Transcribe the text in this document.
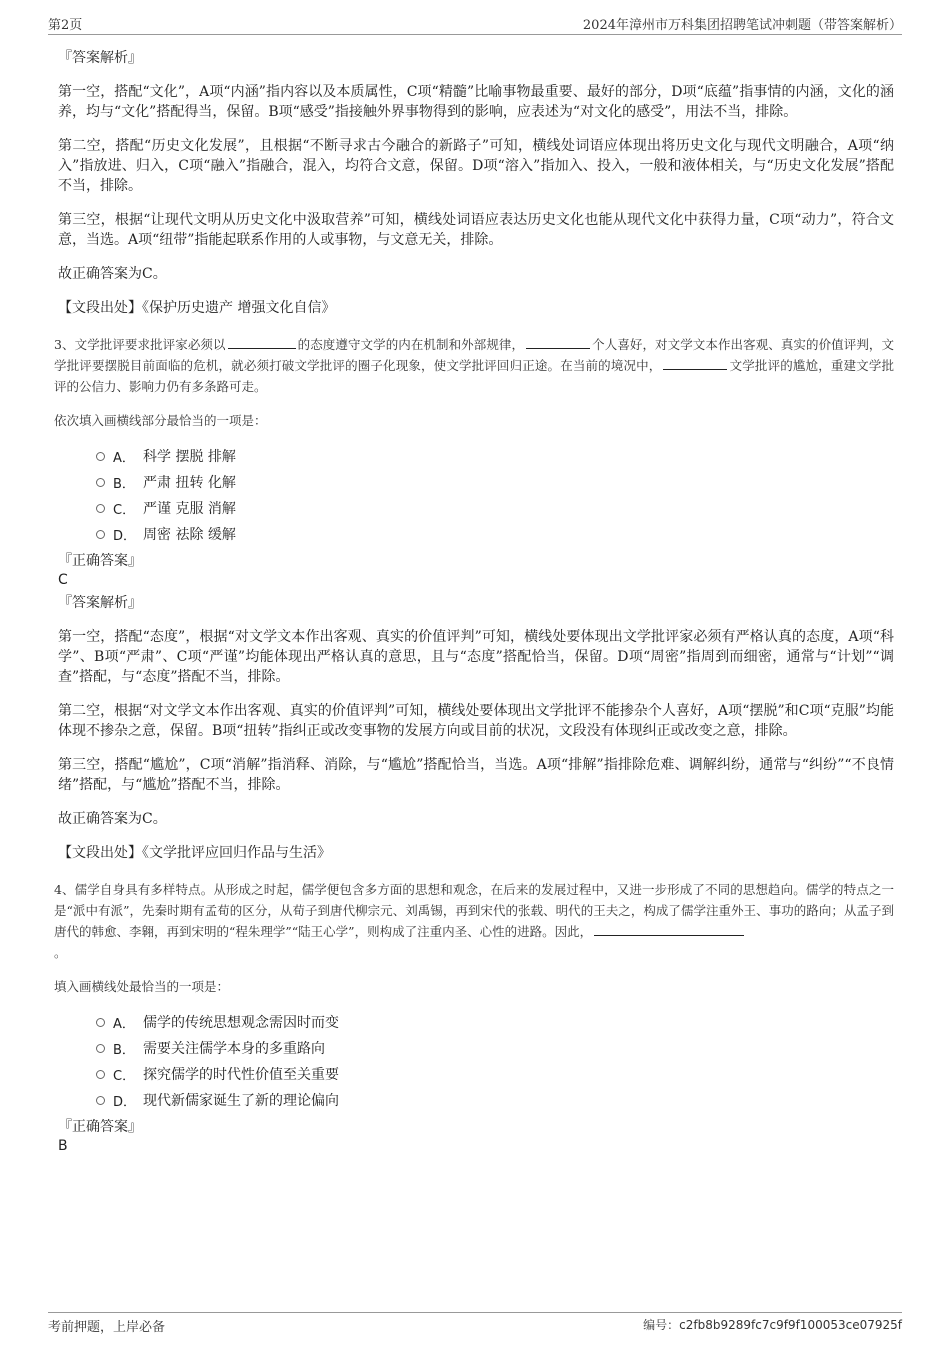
第2页	2024年漳州市万科集团招聘笔试冲刺题（带答案解析）
『答案解析』

第一空，搭配“文化”，A项“内涵”指内容以及本质属性，C项“精髓”比喻事物最重要、最好的部分，D项“底蕴”指事情的内涵，文化的涵养，均与“文化”搭配得当，保留。B项“感受”指接触外界事物得到的影响，应表述为“对文化的感受”，用法不当，排除。

第二空，搭配“历史文化发展”，且根据“不断寻求古今融合的新路子”可知，横线处词语应体现出将历史文化与现代文明融合，A项“纳入”指放进、归入，C项“融入”指融合，混入，均符合文意，保留。D项“溶入”指加入、投入，一般和液体相关，与“历史文化发展”搭配不当，排除。

第三空，根据“让现代文明从历史文化中汲取营养”可知，横线处词语应表达历史文化也能从现代文化中获得力量，C项“动力”，符合文意，当选。A项“纽带”指能起联系作用的人或事物，与文意无关，排除。

故正确答案为C。

【文段出处】《保护历史遗产 增强文化自信》

3、文学批评要求批评家必须以	的态度遵守文学的内在机制和外部规律，	个人喜好，对文学文本作出客观、真实的价值评判，文学批评要摆脱目前面临的危机，就必须打破文学批评的圈子化现象，使文学批评回归正途。在当前的境况中，	文学批评的尴尬，重建文学批评的公信力、影响力仍有多条路可走。

依次填入画横线部分最恰当的一项是：

A． 科学 摆脱 排解
B． 严肃 扭转 化解
C． 严谨 克服 消解
D． 周密 祛除 缓解
『正确答案』

C

『答案解析』

第一空，搭配“态度”，根据“对文学文本作出客观、真实的价值评判”可知，横线处要体现出文学批评家必须有严格认真的态度，A项“科学”、B项“严肃”、C项“严谨”均能体现出严格认真的意思，且与“态度”搭配恰当，保留。D项“周密”指周到而细密，通常与“计划”“调查”搭配，与“态度”搭配不当，排除。

第二空，根据“对文学文本作出客观、真实的价值评判”可知，横线处要体现出文学批评不能掺杂个人喜好，A项“摆脱”和C项“克服”均能体现不掺杂之意，保留。B项“扭转”指纠正或改变事物的发展方向或目前的状况，文段没有体现纠正或改变之意，排除。

第三空，搭配“尴尬”，C项“消解”指消释、消除，与“尴尬”搭配恰当，当选。A项“排解”指排除危难、调解纠纷，通常与“纠纷”“不良情绪”搭配，与“尴尬”搭配不当，排除。

故正确答案为C。

【文段出处】《文学批评应回归作品与生活》

4、儒学自身具有多样特点。从形成之时起，儒学便包含多方面的思想和观念，在后来的发展过程中，又进一步形成了不同的思想趋向。儒学的特点之一是“派中有派”，先秦时期有孟荀的区分，从荀子到唐代柳宗元、刘禹锡，再到宋代的张载、明代的王夫之，构成了儒学注重外王、事功的路向；从孟子到唐代的韩愈、李翱，再到宋明的“程朱理学”“陆王心学”，则构成了注重内圣、心性的进路。因此，
。

填入画横线处最恰当的一项是：

A． 儒学的传统思想观念需因时而变
B． 需要关注儒学本身的多重路向
C． 探究儒学的时代性价值至关重要
D． 现代新儒家诞生了新的理论偏向
『正确答案』

B

考前押题，上岸必备	编号：c2fb8b9289fc7c9f9f100053ce07925f
